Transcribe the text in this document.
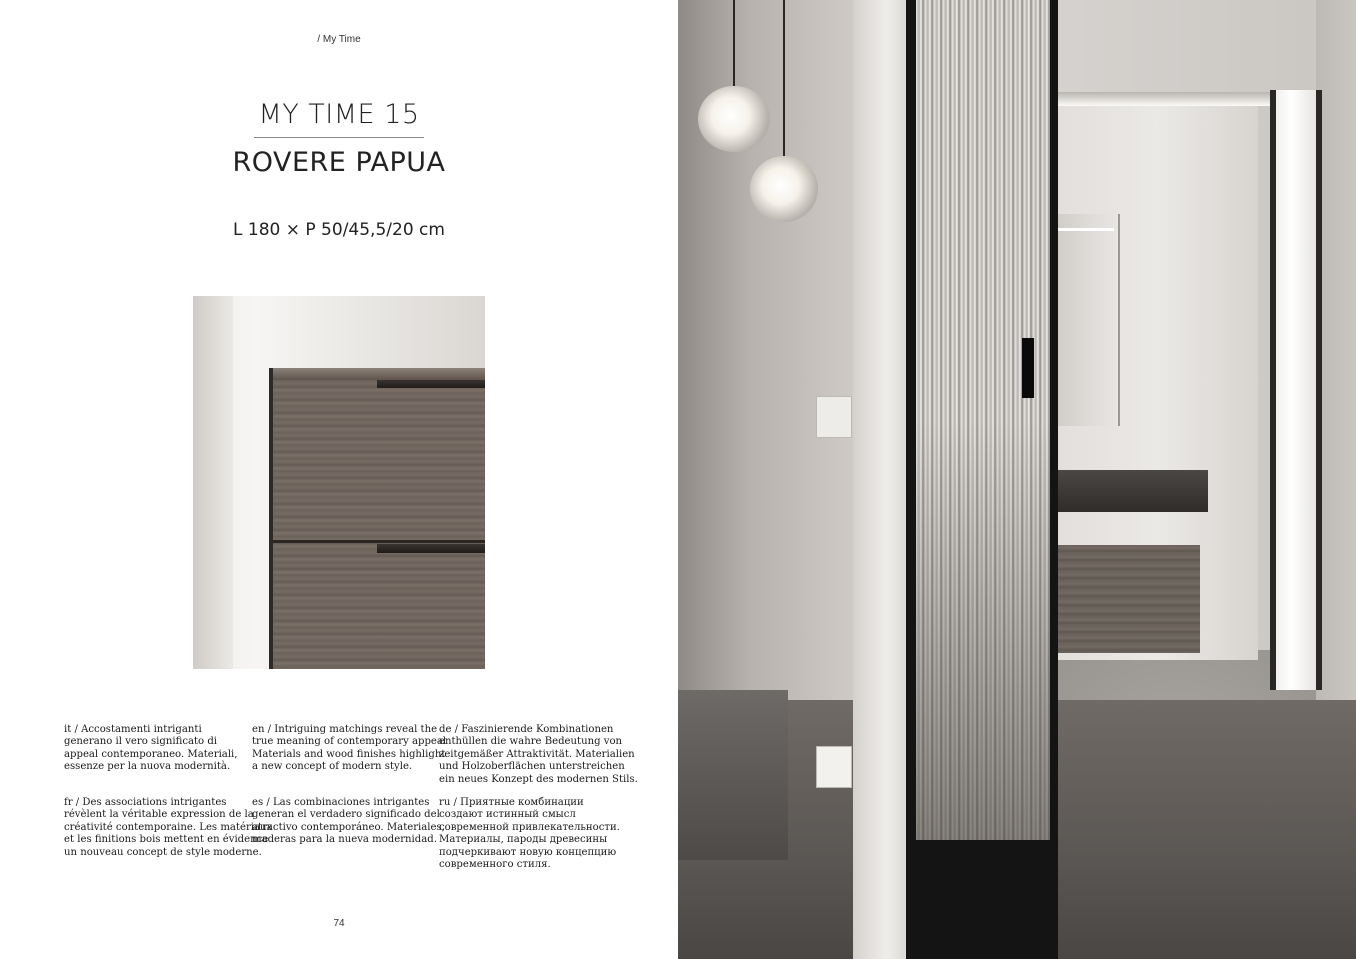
/ My Time
MY TIME 15
ROVERE PAPUA
L 180 × P 50/45,5/20 cm
it / Accostamenti intriganti
generano il vero significato di
appeal contemporaneo. Materiali,
essenze per la nuova modernità.
en / Intriguing matchings reveal the
true meaning of contemporary appeal
Materials and wood finishes highlight
a new concept of modern style.
de / Faszinierende Kombinationen
enthüllen die wahre Bedeutung von
zeitgemäßer Attraktivität. Materialien
und Holzoberflächen unterstreichen
ein neues Konzept des modernen Stils.
fr / Des associations intrigantes
révèlent la véritable expression de la
créativité contemporaine. Les matériaux
et les finitions bois mettent en évidence
un nouveau concept de style moderne.
es / Las combinaciones intrigantes
generan el verdadero significado del
atractivo contemporáneo. Materiales,
maderas para la nueva modernidad.
ru / Приятные комбинации
создают истинный смысл
современной привлекательности.
Материалы, пароды древесины
подчеркивают новую концепцию
современного стиля.
74
